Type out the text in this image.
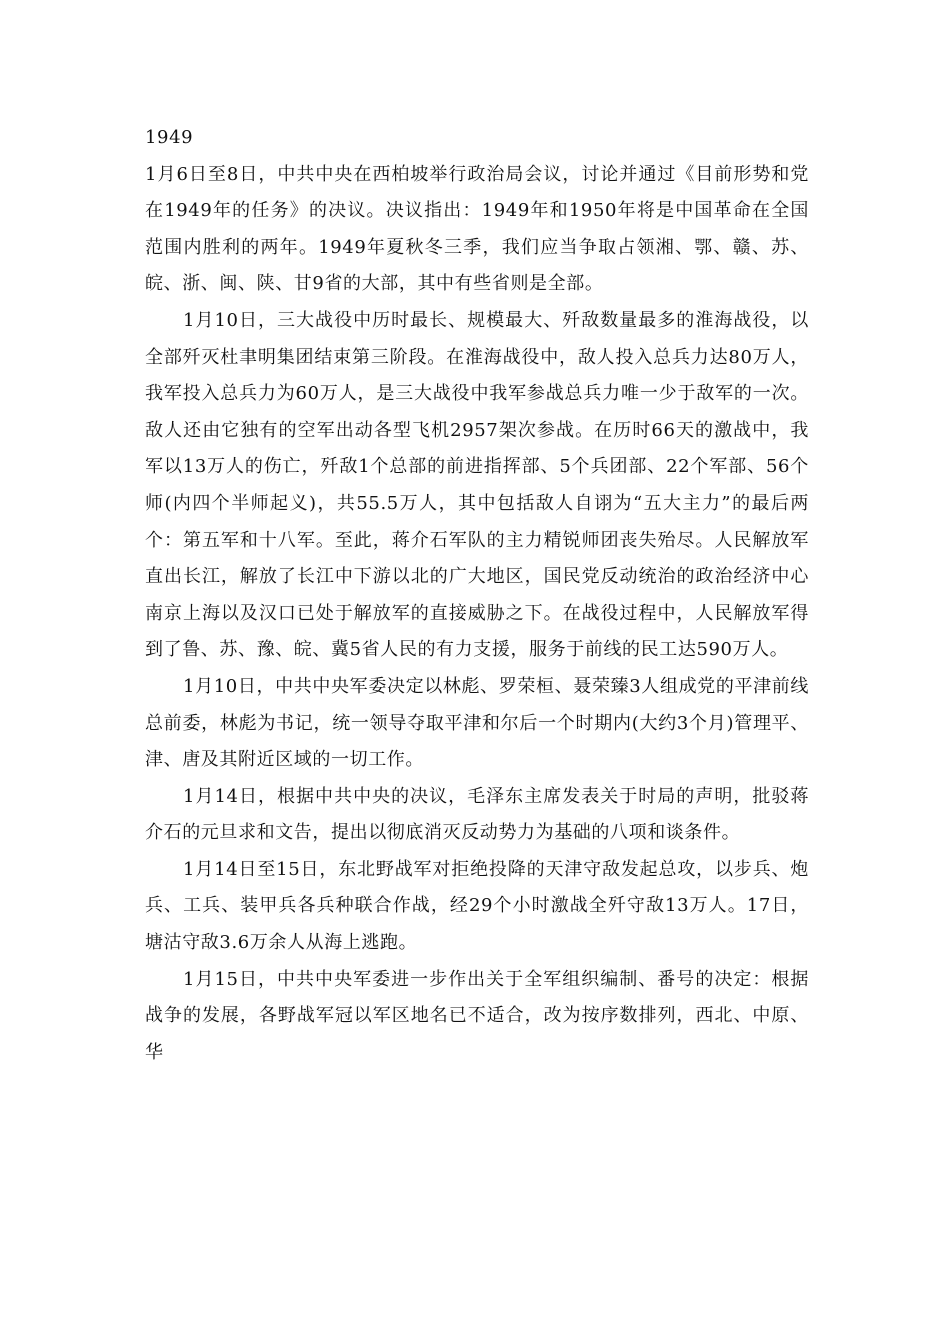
1949

1月6日至8日，中共中央在西柏坡举行政治局会议，讨论并通过《目前形势和党在1949年的任务》的决议。决议指出：1949年和1950年将是中国革命在全国范围内胜利的两年。1949年夏秋冬三季，我们应当争取占领湘、鄂、赣、苏、皖、浙、闽、陕、甘9省的大部，其中有些省则是全部。

1月10日，三大战役中历时最长、规模最大、歼敌数量最多的淮海战役，以全部歼灭杜聿明集团结束第三阶段。在淮海战役中，敌人投入总兵力达80万人，我军投入总兵力为60万人，是三大战役中我军参战总兵力唯一少于敌军的一次。敌人还由它独有的空军出动各型飞机2957架次参战。在历时66天的激战中，我军以13万人的伤亡，歼敌1个总部的前进指挥部、5个兵团部、22个军部、56个师(内四个半师起义)，共55.5万人，其中包括敌人自诩为“五大主力”的最后两个：第五军和十八军。至此，蒋介石军队的主力精锐师团丧失殆尽。人民解放军直出长江，解放了长江中下游以北的广大地区，国民党反动统治的政治经济中心南京上海以及汉口已处于解放军的直接威胁之下。在战役过程中，人民解放军得到了鲁、苏、豫、皖、冀5省人民的有力支援，服务于前线的民工达590万人。

1月10日，中共中央军委决定以林彪、罗荣桓、聂荣臻3人组成党的平津前线总前委，林彪为书记，统一领导夺取平津和尔后一个时期内(大约3个月)管理平、津、唐及其附近区域的一切工作。

1月14日，根据中共中央的决议，毛泽东主席发表关于时局的声明，批驳蒋介石的元旦求和文告，提出以彻底消灭反动势力为基础的八项和谈条件。

1月14日至15日，东北野战军对拒绝投降的天津守敌发起总攻，以步兵、炮兵、工兵、装甲兵各兵种联合作战，经29个小时激战全歼守敌13万人。17日，塘沽守敌3.6万余人从海上逃跑。

1月15日，中共中央军委进一步作出关于全军组织编制、番号的决定：根据战争的发展，各野战军冠以军区地名已不适合，改为按序数排列，西北、中原、华
